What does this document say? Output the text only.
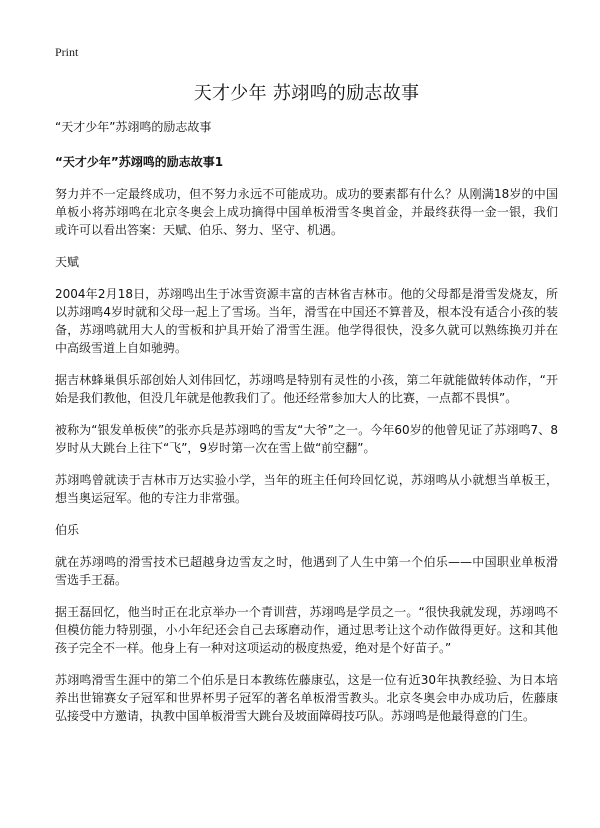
Print
天才少年 苏翊鸣的励志故事
“天才少年”苏翊鸣的励志故事
“天才少年”苏翊鸣的励志故事1

努力并不一定最终成功，但不努力永远不可能成功。成功的要素都有什么？从刚满18岁的中国单板小将苏翊鸣在北京冬奥会上成功摘得中国单板滑雪冬奥首金，并最终获得一金一银，我们或许可以看出答案：天赋、伯乐、努力、坚守、机遇。

天赋

2004年2月18日，苏翊鸣出生于冰雪资源丰富的吉林省吉林市。他的父母都是滑雪发烧友，所以苏翊鸣4岁时就和父母一起上了雪场。当年，滑雪在中国还不算普及，根本没有适合小孩的装备，苏翊鸣就用大人的雪板和护具开始了滑雪生涯。他学得很快，没多久就可以熟练换刃并在中高级雪道上自如驰骋。

据吉林蜂巢俱乐部创始人刘伟回忆，苏翊鸣是特别有灵性的小孩，第二年就能做转体动作，“开始是我们教他，但没几年就是他教我们了。他还经常参加大人的比赛，一点都不畏惧”。

被称为“银发单板侠”的张亦兵是苏翊鸣的雪友“大爷”之一。今年60岁的他曾见证了苏翊鸣7、8岁时从大跳台上往下“飞”，9岁时第一次在雪上做“前空翻”。

苏翊鸣曾就读于吉林市万达实验小学，当年的班主任何玲回忆说，苏翊鸣从小就想当单板王，想当奥运冠军。他的专注力非常强。

伯乐

就在苏翊鸣的滑雪技术已超越身边雪友之时，他遇到了人生中第一个伯乐——中国职业单板滑雪选手王磊。

据王磊回忆，他当时正在北京举办一个青训营，苏翊鸣是学员之一。“很快我就发现，苏翊鸣不但模仿能力特别强，小小年纪还会自己去琢磨动作，通过思考让这个动作做得更好。这和其他孩子完全不一样。他身上有一种对这项运动的极度热爱，绝对是个好苗子。”

苏翊鸣滑雪生涯中的第二个伯乐是日本教练佐藤康弘，这是一位有近30年执教经验、为日本培养出世锦赛女子冠军和世界杯男子冠军的著名单板滑雪教头。北京冬奥会申办成功后，佐藤康弘接受中方邀请，执教中国单板滑雪大跳台及坡面障碍技巧队。苏翊鸣是他最得意的门生。
